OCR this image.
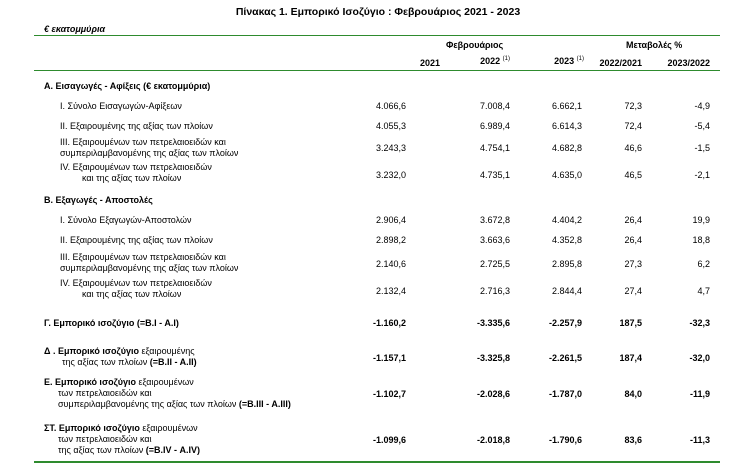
Πίνακας 1. Εμπορικό Ισοζύγιο : Φεβρουάριος 2021 - 2023
€ εκατομμύρια
Φεβρουάριος	Μεταβολές %
2021	2022 $^{(1)}$	2023 $^{(1)}$	2022/2021	2023/2022
Α. Εισαγωγές - Αφίξεις (€ εκατομμύρια)
I. Σύνολο Εισαγωγών-Αφίξεων	4.066,6	7.008,4	6.662,1	72,3	-4,9
II. Εξαιρουμένης της αξίας των πλοίων	4.055,3	6.989,4	6.614,3	72,4	-5,4
III. Εξαιρουμένων των πετρελαιοειδών και
συμπεριλαμβανομένης της αξίας των πλοίων	3.243,3	4.754,1	4.682,8	46,6	-1,5
IV. Εξαιρουμένων των πετρελαιοειδών
και της αξίας των πλοίων	3.232,0	4.735,1	4.635,0	46,5	-2,1
Β. Εξαγωγές - Αποστολές
I. Σύνολο Εξαγωγών-Αποστολών	2.906,4	3.672,8	4.404,2	26,4	19,9
II. Εξαιρουμένης της αξίας των πλοίων	2.898,2	3.663,6	4.352,8	26,4	18,8
III. Εξαιρουμένων των πετρελαιοειδών και
συμπεριλαμβανομένης της αξίας των πλοίων	2.140,6	2.725,5	2.895,8	27,3	6,2
IV. Εξαιρουμένων των πετρελαιοειδών
και της αξίας των πλοίων	2.132,4	2.716,3	2.844,4	27,4	4,7
Γ. Εμπορικό ισοζύγιο (=Β.Ι - Α.Ι)	-1.160,2	-3.335,6	-2.257,9	187,5	-32,3
Δ . Εμπορικό ισοζύγιο εξαιρουμένης
της αξίας των πλοίων (=Β.ΙΙ - Α.ΙΙ)	-1.157,1	-3.325,8	-2.261,5	187,4	-32,0
Ε. Εμπορικό ισοζύγιο εξαιρουμένων
των πετρελαιοειδών και
συμπεριλαμβανομένης της αξίας των πλοίων (=Β.ΙΙΙ - Α.ΙΙΙ)
-1.102,7	-2.028,6	-1.787,0	84,0	-11,9
ΣΤ. Εμπορικό ισοζύγιο εξαιρουμένων
των πετρελαιοειδών και
της αξίας των πλοίων (=Β.ΙV - Α.ΙV)
-1.099,6	-2.018,8	-1.790,6	83,6	-11,3
